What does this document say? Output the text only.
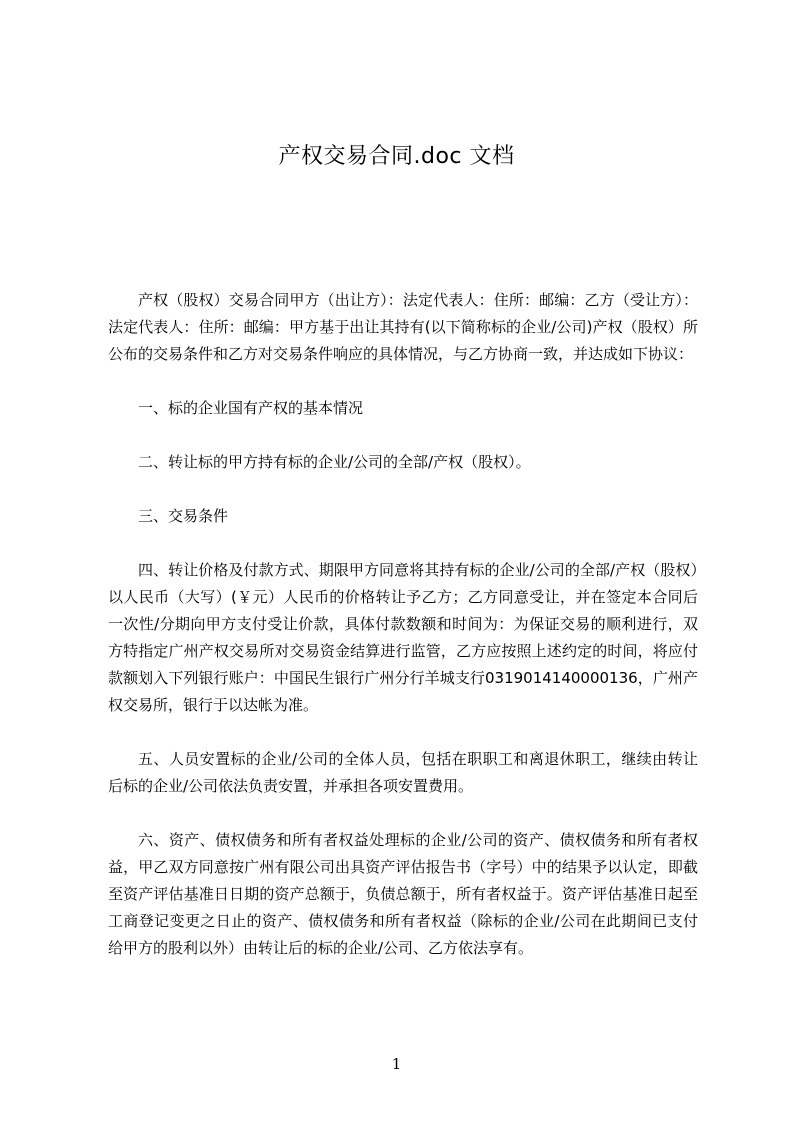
产权交易合同.doc 文档

产权（股权）交易合同甲方（出让方）：法定代表人：住所：邮编：乙方（受让方）：法定代表人：住所：邮编：甲方基于出让其持有(以下简称标的企业/公司)产权（股权）所公布的交易条件和乙方对交易条件响应的具体情况，与乙方协商一致，并达成如下协议：

一、标的企业国有产权的基本情况

二、转让标的甲方持有标的企业/公司的全部/产权（股权）。

三、交易条件

四、转让价格及付款方式、期限甲方同意将其持有标的企业/公司的全部/产权（股权）以人民币（大写）(￥元）人民币的价格转让予乙方；乙方同意受让，并在签定本合同后一次性/分期向甲方支付受让价款，具体付款数额和时间为：为保证交易的顺利进行，双方特指定广州产权交易所对交易资金结算进行监管，乙方应按照上述约定的时间，将应付款额划入下列银行账户：中国民生银行广州分行羊城支行0319014140000136，广州产权交易所，银行于以达帐为准。

五、人员安置标的企业/公司的全体人员，包括在职职工和离退休职工，继续由转让后标的企业/公司依法负责安置，并承担各项安置费用。

六、资产、债权债务和所有者权益处理标的企业/公司的资产、债权债务和所有者权益，甲乙双方同意按广州有限公司出具资产评估报告书（字号）中的结果予以认定，即截至资产评估基准日日期的资产总额于，负债总额于，所有者权益于。资产评估基准日起至工商登记变更之日止的资产、债权债务和所有者权益（除标的企业/公司在此期间已支付给甲方的股利以外）由转让后的标的企业/公司、乙方依法享有。

1
